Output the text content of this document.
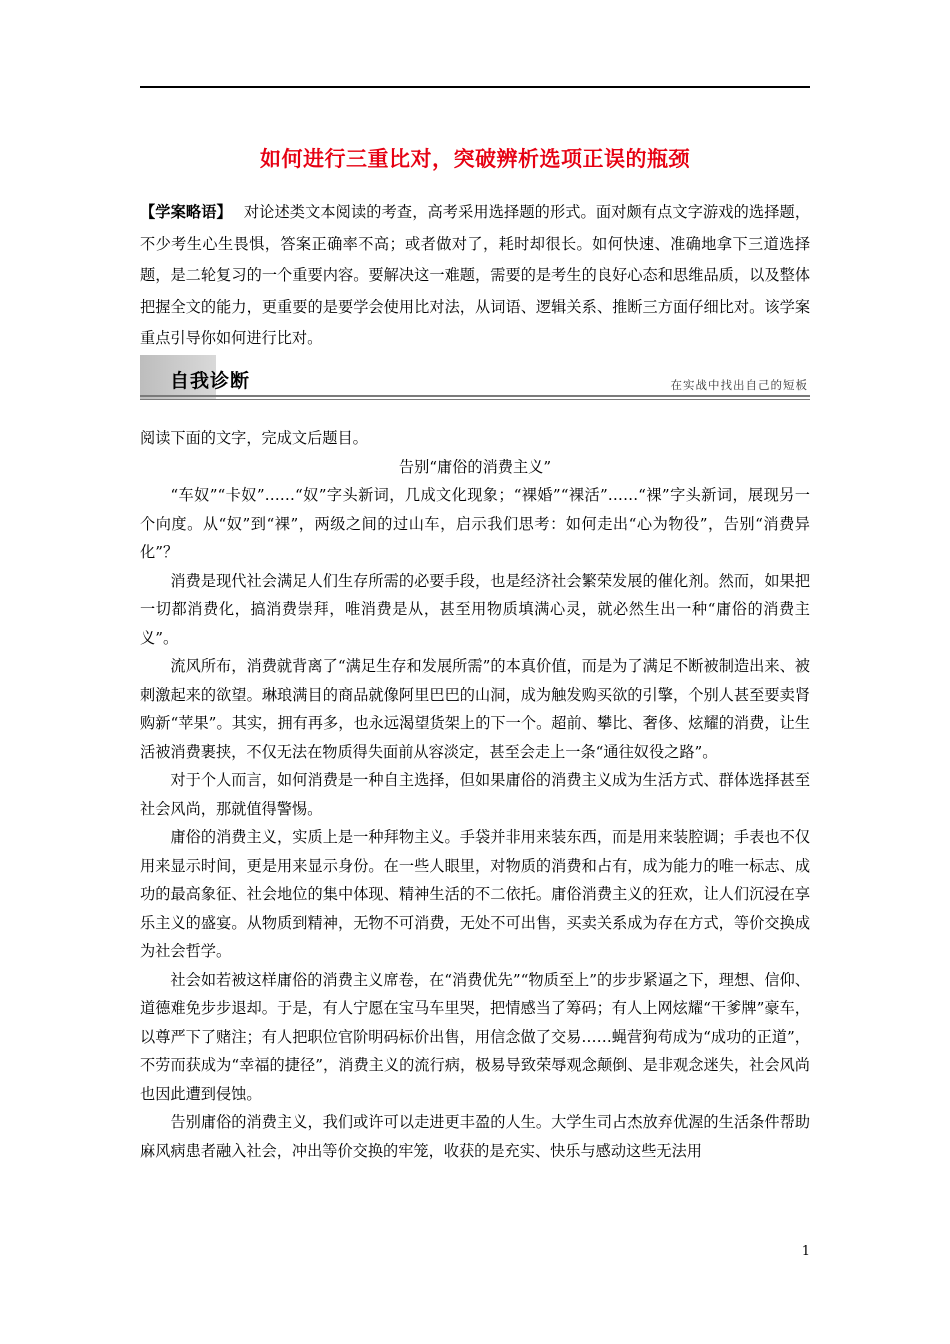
如何进行三重比对，突破辨析选项正误的瓶颈
【学案略语】 对论述类文本阅读的考查，高考采用选择题的形式。面对颇有点文字游戏的选择题，不少考生心生畏惧，答案正确率不高；或者做对了，耗时却很长。如何快速、准确地拿下三道选择题，是二轮复习的一个重要内容。要解决这一难题，需要的是考生的良好心态和思维品质，以及整体把握全文的能力，更重要的是要学会使用比对法，从词语、逻辑关系、推断三方面仔细比对。该学案重点引导你如何进行比对。
自我诊断	在实战中找出自己的短板

阅读下面的文字，完成文后题目。

告别“庸俗的消费主义”

“车奴”“卡奴”……“奴”字头新词，几成文化现象；“裸婚”“裸活”……“裸”字头新词，展现另一个向度。从“奴”到“裸”，两级之间的过山车，启示我们思考：如何走出“心为物役”，告别“消费异化”？

消费是现代社会满足人们生存所需的必要手段，也是经济社会繁荣发展的催化剂。然而，如果把一切都消费化，搞消费崇拜，唯消费是从，甚至用物质填满心灵，就必然生出一种“庸俗的消费主义”。

流风所布，消费就背离了“满足生存和发展所需”的本真价值，而是为了满足不断被制造出来、被刺激起来的欲望。琳琅满目的商品就像阿里巴巴的山洞，成为触发购买欲的引擎，个别人甚至要卖肾购新“苹果”。其实，拥有再多，也永远渴望货架上的下一个。超前、攀比、奢侈、炫耀的消费，让生活被消费裹挟，不仅无法在物质得失面前从容淡定，甚至会走上一条“通往奴役之路”。

对于个人而言，如何消费是一种自主选择，但如果庸俗的消费主义成为生活方式、群体选择甚至社会风尚，那就值得警惕。

庸俗的消费主义，实质上是一种拜物主义。手袋并非用来装东西，而是用来装腔调；手表也不仅用来显示时间，更是用来显示身份。在一些人眼里，对物质的消费和占有，成为能力的唯一标志、成功的最高象征、社会地位的集中体现、精神生活的不二依托。庸俗消费主义的狂欢，让人们沉浸在享乐主义的盛宴。从物质到精神，无物不可消费，无处不可出售，买卖关系成为存在方式，等价交换成为社会哲学。

社会如若被这样庸俗的消费主义席卷，在“消费优先”“物质至上”的步步紧逼之下，理想、信仰、道德难免步步退却。于是，有人宁愿在宝马车里哭，把情感当了筹码；有人上网炫耀“干爹牌”豪车，以尊严下了赌注；有人把职位官阶明码标价出售，用信念做了交易……蝇营狗苟成为“成功的正道”，不劳而获成为“幸福的捷径”，消费主义的流行病，极易导致荣辱观念颠倒、是非观念迷失，社会风尚也因此遭到侵蚀。

告别庸俗的消费主义，我们或许可以走进更丰盈的人生。大学生司占杰放弃优渥的生活条件帮助麻风病患者融入社会，冲出等价交换的牢笼，收获的是充实、快乐与感动这些无法用

1
